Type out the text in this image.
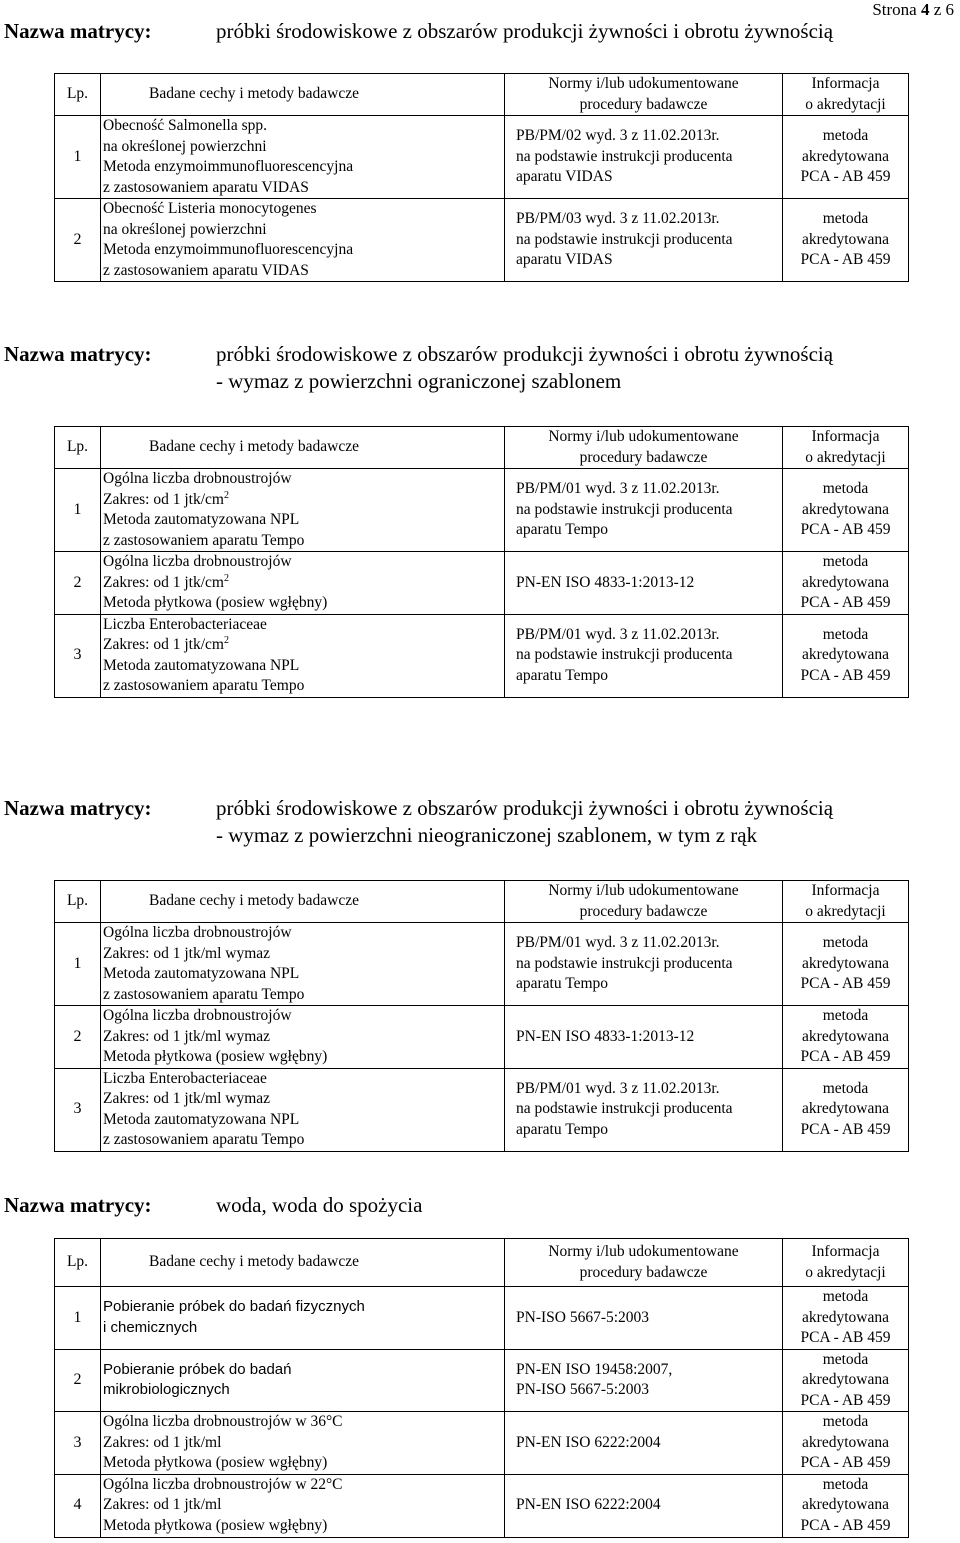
Strona 4 z 6
Nazwa matrycy:	próbki środowiskowe z obszarów produkcji żywności i obrotu żywnością
Lp.	Badane cechy i metody badawcze	Normy i/lub udokumentowane
procedury badawcze	Informacja
o akredytacji

1	Obecność Salmonella spp.
na określonej powierzchni
Metoda enzymoimmunofluorescencyjna
z zastosowaniem aparatu VIDAS	PB/PM/02 wyd. 3 z 11.02.2013r.
na podstawie instrukcji producenta
aparatu VIDAS	metoda
akredytowana
PCA - AB 459

2	Obecność Listeria monocytogenes
na określonej powierzchni
Metoda enzymoimmunofluorescencyjna
z zastosowaniem aparatu VIDAS	PB/PM/03 wyd. 3 z 11.02.2013r.
na podstawie instrukcji producenta
aparatu VIDAS	metoda
akredytowana
PCA - AB 459
Nazwa matrycy:	próbki środowiskowe z obszarów produkcji żywności i obrotu żywnością
- wymaz z powierzchni ograniczonej szablonem
Lp.	Badane cechy i metody badawcze	Normy i/lub udokumentowane
procedury badawcze	Informacja
o akredytacji

1	Ogólna liczba drobnoustrojów
Zakres: od 1 jtk/$cm^2$
Metoda zautomatyzowana NPL
z zastosowaniem aparatu Tempo	PB/PM/01 wyd. 3 z 11.02.2013r.
na podstawie instrukcji producenta
aparatu Tempo	metoda
akredytowana
PCA - AB 459

2	Ogólna liczba drobnoustrojów
Zakres: od 1 jtk/$cm^2$
Metoda płytkowa (posiew wgłębny)	PN-EN ISO 4833-1:2013-12	metoda
akredytowana
PCA - AB 459

3	Liczba Enterobacteriaceae
Zakres: od 1 jtk/$cm^2$
Metoda zautomatyzowana NPL
z zastosowaniem aparatu Tempo	PB/PM/01 wyd. 3 z 11.02.2013r.
na podstawie instrukcji producenta
aparatu Tempo	metoda
akredytowana
PCA - AB 459
Nazwa matrycy:	próbki środowiskowe z obszarów produkcji żywności i obrotu żywnością
- wymaz z powierzchni nieograniczonej szablonem, w tym z rąk
Lp.	Badane cechy i metody badawcze	Normy i/lub udokumentowane
procedury badawcze	Informacja
o akredytacji

1	Ogólna liczba drobnoustrojów
Zakres: od 1 jtk/ml wymaz
Metoda zautomatyzowana NPL
z zastosowaniem aparatu Tempo	PB/PM/01 wyd. 3 z 11.02.2013r.
na podstawie instrukcji producenta
aparatu Tempo	metoda
akredytowana
PCA - AB 459

2	Ogólna liczba drobnoustrojów
Zakres: od 1 jtk/ml wymaz
Metoda płytkowa (posiew wgłębny)	PN-EN ISO 4833-1:2013-12	metoda
akredytowana
PCA - AB 459

3	Liczba Enterobacteriaceae
Zakres: od 1 jtk/ml wymaz
Metoda zautomatyzowana NPL
z zastosowaniem aparatu Tempo	PB/PM/01 wyd. 3 z 11.02.2013r.
na podstawie instrukcji producenta
aparatu Tempo	metoda
akredytowana
PCA - AB 459
Nazwa matrycy:	woda, woda do spożycia
Lp.	Badane cechy i metody badawcze	Normy i/lub udokumentowane
procedury badawcze	Informacja
o akredytacji

1	Pobieranie próbek do badań fizycznych
i chemicznych	PN-ISO 5667-5:2003	metoda
akredytowana
PCA - AB 459

2	Pobieranie próbek do badań
mikrobiologicznych	PN-EN ISO 19458:2007,
PN-ISO 5667-5:2003	metoda
akredytowana
PCA - AB 459

3	Ogólna liczba drobnoustrojów w 36°C
Zakres: od 1 jtk/ml
Metoda płytkowa (posiew wgłębny)	PN-EN ISO 6222:2004	metoda
akredytowana
PCA - AB 459

4	Ogólna liczba drobnoustrojów w 22°C
Zakres: od 1 jtk/ml
Metoda płytkowa (posiew wgłębny)	PN-EN ISO 6222:2004	metoda
akredytowana
PCA - AB 459
